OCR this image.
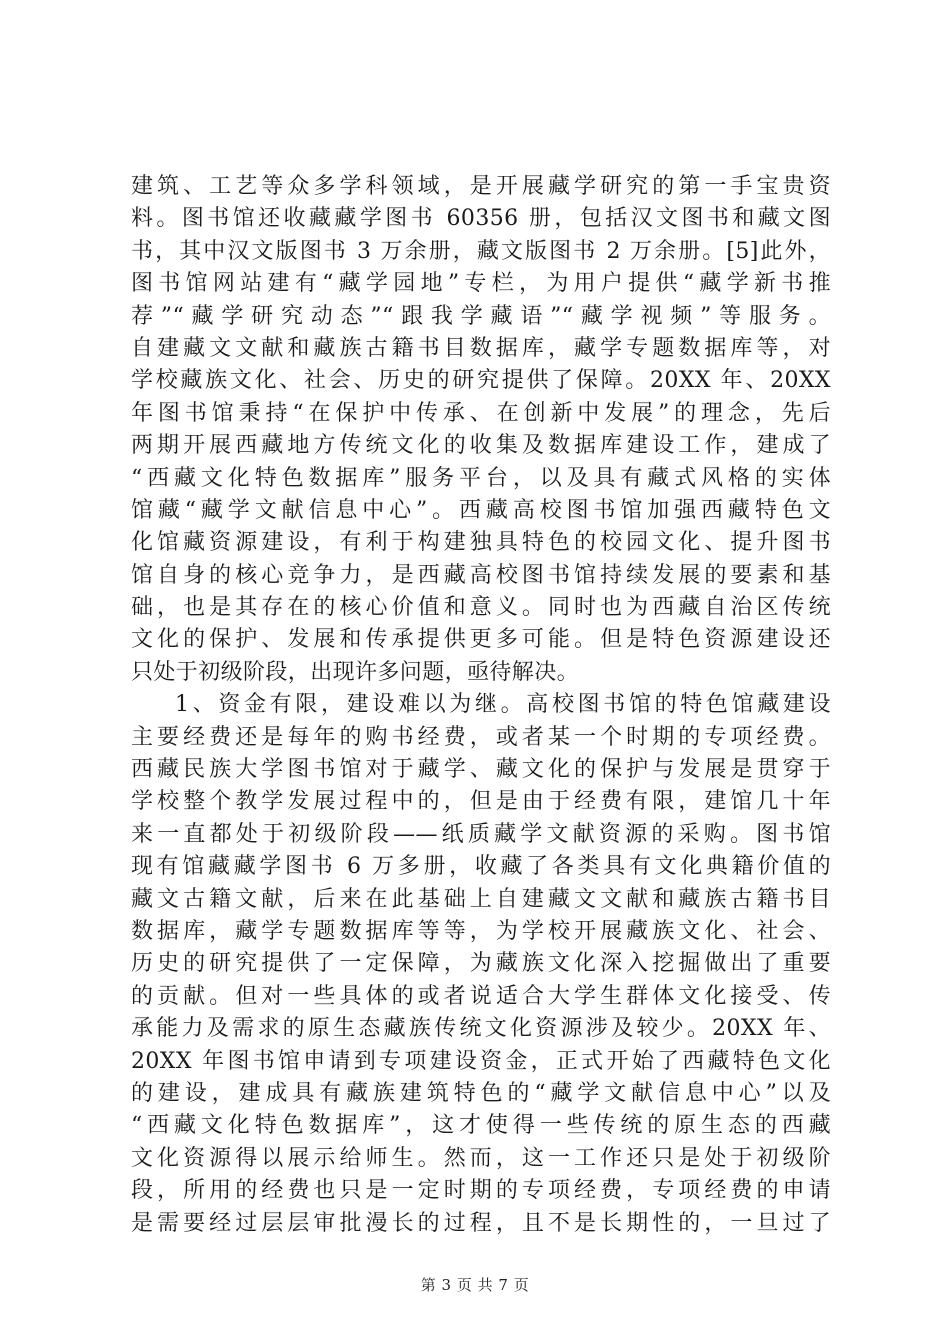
建筑、工艺等众多学科领域，是开展藏学研究的第一手宝贵资
料。图书馆还收藏藏学图书 60356 册，包括汉文图书和藏文图
书，其中汉文版图书 3 万余册，藏文版图书 2 万余册。[5]此外，
图书馆网站建有“藏学园地”专栏，为用户提供“藏学新书推
荐”“藏学研究动态”“跟我学藏语”“藏学视频”等服务。
自建藏文文献和藏族古籍书目数据库，藏学专题数据库等，对
学校藏族文化、社会、历史的研究提供了保障。20XX 年、20XX
年图书馆秉持“在保护中传承、在创新中发展”的理念，先后
两期开展西藏地方传统文化的收集及数据库建设工作，建成了
“西藏文化特色数据库”服务平台，以及具有藏式风格的实体
馆藏“藏学文献信息中心”。西藏高校图书馆加强西藏特色文
化馆藏资源建设，有利于构建独具特色的校园文化、提升图书
馆自身的核心竞争力，是西藏高校图书馆持续发展的要素和基
础，也是其存在的核心价值和意义。同时也为西藏自治区传统
文化的保护、发展和传承提供更多可能。但是特色资源建设还
只处于初级阶段，出现许多问题，亟待解决。
1、资金有限，建设难以为继。高校图书馆的特色馆藏建设
主要经费还是每年的购书经费，或者某一个时期的专项经费。
西藏民族大学图书馆对于藏学、藏文化的保护与发展是贯穿于
学校整个教学发展过程中的，但是由于经费有限，建馆几十年
来一直都处于初级阶段——纸质藏学文献资源的采购。图书馆
现有馆藏藏学图书 6 万多册，收藏了各类具有文化典籍价值的
藏文古籍文献，后来在此基础上自建藏文文献和藏族古籍书目
数据库，藏学专题数据库等等，为学校开展藏族文化、社会、
历史的研究提供了一定保障，为藏族文化深入挖掘做出了重要
的贡献。但对一些具体的或者说适合大学生群体文化接受、传
承能力及需求的原生态藏族传统文化资源涉及较少。20XX 年、
20XX 年图书馆申请到专项建设资金，正式开始了西藏特色文化
的建设，建成具有藏族建筑特色的“藏学文献信息中心”以及
“西藏文化特色数据库”，这才使得一些传统的原生态的西藏
文化资源得以展示给师生。然而，这一工作还只是处于初级阶
段，所用的经费也只是一定时期的专项经费，专项经费的申请
是需要经过层层审批漫长的过程，且不是长期性的，一旦过了
第 3 页 共 7 页
